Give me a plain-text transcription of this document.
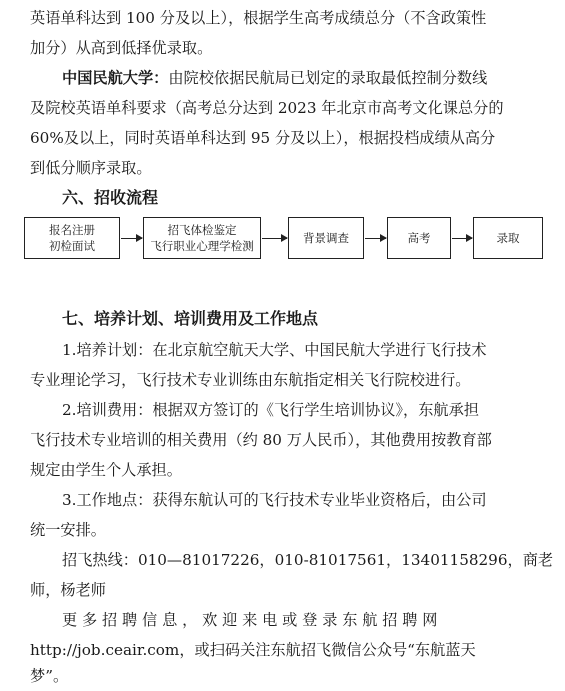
英语单科达到 100 分及以上），根据学生高考成绩总分（不含政策性
加分）从高到低择优录取。
中国民航大学：由院校依据民航局已划定的录取最低控制分数线
及院校英语单科要求（高考总分达到 2023 年北京市高考文化课总分的
60%及以上，同时英语单科达到 95 分及以上），根据投档成绩从高分
到低分顺序录取。
六、招收流程
报名注册
初检面试
招飞体检鉴定
飞行职业心理学检测
背景调查	高考	录取
七、培养计划、培训费用及工作地点
1.培养计划：在北京航空航天大学、中国民航大学进行飞行技术
专业理论学习，飞行技术专业训练由东航指定相关飞行院校进行。
2.培训费用：根据双方签订的《飞行学生培训协议》，东航承担
飞行技术专业培训的相关费用（约 80 万人民币），其他费用按教育部
规定由学生个人承担。
3.工作地点：获得东航认可的飞行技术专业毕业资格后，由公司
统一安排。
招飞热线：010—81017226，010-81017561，13401158296，商老
师，杨老师
更 多 招 聘 信 息 ， 欢 迎 来 电 或 登 录 东 航 招 聘 网
http://job.ceair.com，或扫码关注东航招飞微信公众号“东航蓝天
梦”。
